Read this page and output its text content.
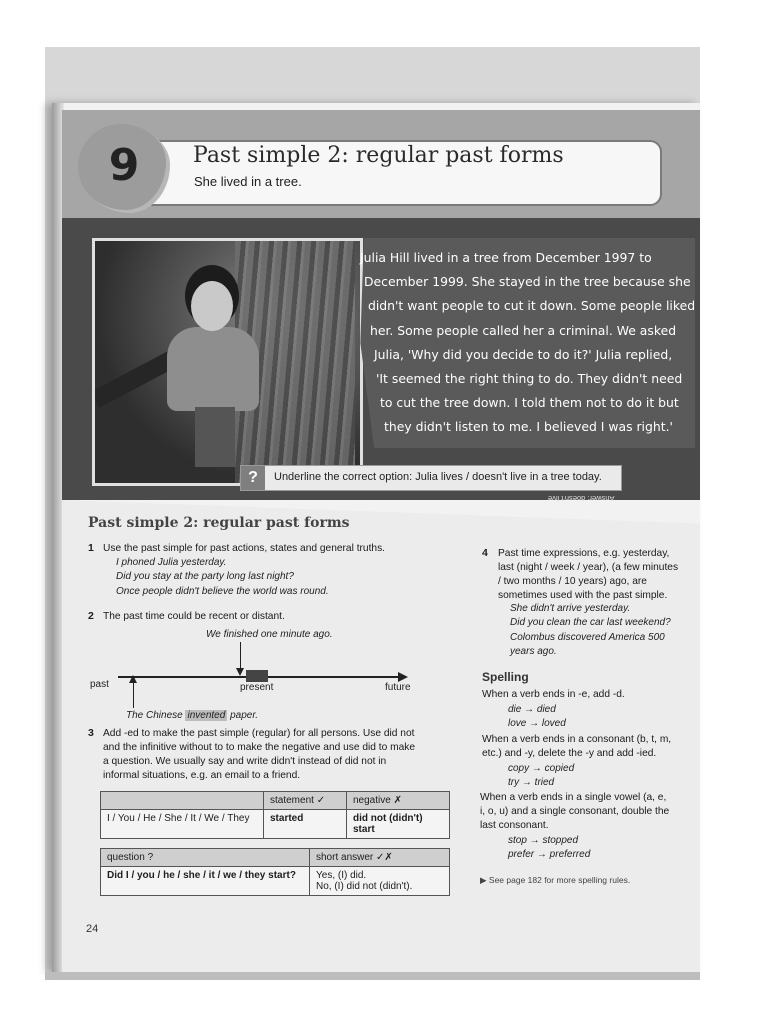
9	Past simple 2: regular past forms
She lived in a tree.
Julia Hill lived in a tree from December 1997 to
December 1999. She stayed in the tree because she
didn't want people to cut it down. Some people liked
her. Some people called her a criminal. We asked
Julia, 'Why did you decide to do it?' Julia replied,
'It seemed the right thing to do. They didn't need
to cut the tree down. I told them not to do it but
they didn't listen to me. I believed I was right.'
?	Underline the correct option: Julia lives / doesn't live in a tree today.
Answer: doesn't live
Past simple 2: regular past forms
1 Use the past simple for past actions, states and general truths.
I phoned Julia yesterday.
Did you stay at the party long last night?
Once people didn't believe the world was round.
2 The past time could be recent or distant.
We finished one minute ago.
past	present	future
The Chinese invented paper.
3 Add -ed to make the past simple (regular) for all persons. Use did not
and the infinitive without to to make the negative and use did to make
a question. We usually say and write didn't instead of did not in
informal situations, e.g. an email to a friend.
	statement ✓	negative ✗
I / You / He / She / It / We / They	started	did not (didn't) start
question ?	short answer ✓✗
Did I / you / he / she / it / we / they start?	Yes, (I) did.
No, (I) did not (didn't).
4 Past time expressions, e.g. yesterday,
last (night / week / year), (a few minutes
/ two months / 10 years) ago, are
sometimes used with the past simple.
She didn't arrive yesterday.
Did you clean the car last weekend?
Colombus discovered America 500
years ago.
Spelling
When a verb ends in -e, add -d.
die → died
love → loved
When a verb ends in a consonant (b, t, m,
etc.) and -y, delete the -y and add -ied.
copy → copied
try → tried
When a verb ends in a single vowel (a, e,
i, o, u) and a single consonant, double the
last consonant.
stop → stopped
prefer → preferred
▶ See page 182 for more spelling rules.
24
